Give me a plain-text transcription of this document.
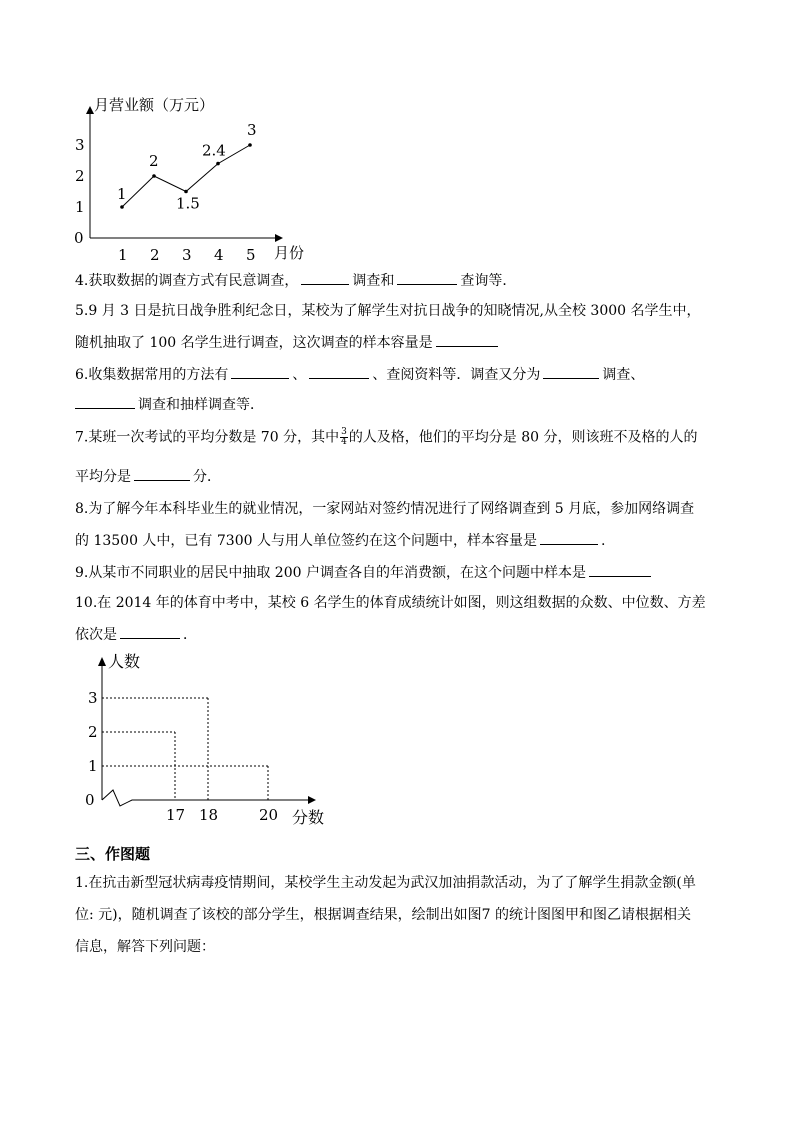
月营业额（万元）
月份
1 2 3 4 5
0
1
2
3
1
2
1.5
2.4
3
4.获取数据的调查方式有民意调查，	调查和	查询等．
5.9 月 3 日是抗日战争胜利纪念日，某校为了解学生对抗日战争的知晓情况,从全校 3000 名学生中，
随机抽取了 100 名学生进行调查，这次调查的样本容量是
6.收集数据常用的方法有	、	、查阅资料等．调查又分为	调查、
调查和抽样调查等．
7.某班一次考试的平均分数是 70 分，其中 $\frac{3}{4}$ 的人及格，他们的平均分是 80 分，则该班不及格的人的
平均分是	分．
8.为了解今年本科毕业生的就业情况，一家网站对签约情况进行了网络调查到 5 月底，参加网络调查
的 13500 人中，已有 7300 人与用人单位签约在这个问题中，样本容量是	.
9.从某市不同职业的居民中抽取 200 户调查各自的年消费额，在这个问题中样本是
10.在 2014 年的体育中考中，某校 6 名学生的体育成绩统计如图，则这组数据的众数、中位数、方差
依次是	．
人数
分数
17 18	20
0
1
2
3
三、作图题
1.在抗击新型冠状病毒疫情期间，某校学生主动发起为武汉加油捐款活动，为了了解学生捐款金额(单
位: 元)，随机调查了该校的部分学生，根据调查结果，绘制出如图7 的统计图图甲和图乙请根据相关
信息，解答下列问题：
